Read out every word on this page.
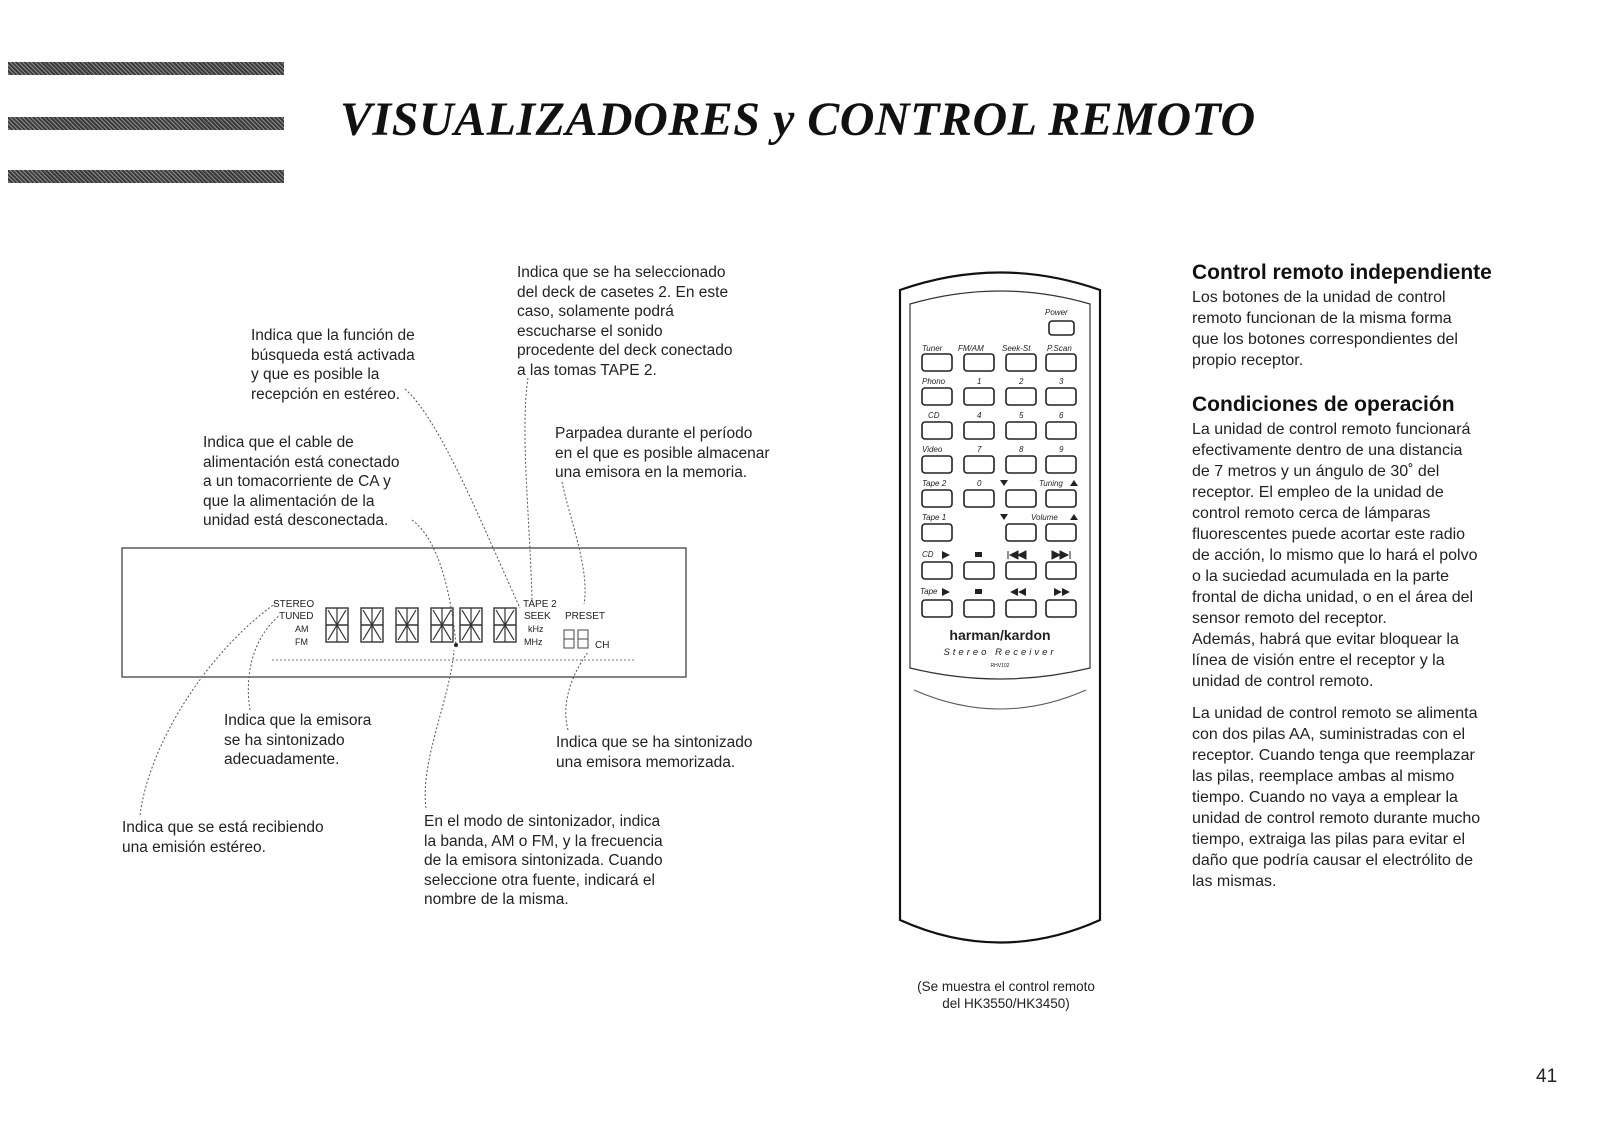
VISUALIZADORES y CONTROL REMOTO

Indica que se ha seleccionado
del deck de casetes 2. En este
caso, solamente podrá
escucharse el sonido
procedente del deck conectado
a las tomas TAPE 2.

Indica que la función de
búsqueda está activada
y que es posible la
recepción en estéreo.

Indica que el cable de
alimentación está conectado
a un tomacorriente de CA y
que la alimentación de la
unidad está desconectada.

Parpadea durante el período
en el que es posible almacenar
una emisora en la memoria.

Indica que la emisora
se ha sintonizado
adecuadamente.

Indica que se ha sintonizado
una emisora memorizada.

Indica que se está recibiendo
una emisión estéreo.

En el modo de sintonizador, indica
la banda, AM o FM, y la frecuencia
de la emisora sintonizada. Cuando
seleccione otra fuente, indicará el
nombre de la misma.

STEREO
TUNED
AM
FM
TAPE 2
SEEK
kHz
MHz
PRESET
CH
Power
Tuner FM/AM Seek-St P.Scan
Phono	1	2	3
CD	4	5	6
Video	7	8	9
Tape 2	0	Tuning
Tape 1	Volume
CD
Tape
harman/kardon
Stereo Receiver
RHV102
(Se muestra el control remoto
del HK3550/HK3450)
Control remoto independiente

Los botones de la unidad de control
remoto funcionan de la misma forma
que los botones correspondientes del
propio receptor.

Condiciones de operación

La unidad de control remoto funcionará
efectivamente dentro de una distancia
de 7 metros y un ángulo de 30˚ del
receptor. El empleo de la unidad de
control remoto cerca de lámparas
fluorescentes puede acortar este radio
de acción, lo mismo que lo hará el polvo
o la suciedad acumulada en la parte
frontal de dicha unidad, o en el área del
sensor remoto del receptor.
Además, habrá que evitar bloquear la
línea de visión entre el receptor y la
unidad de control remoto.

La unidad de control remoto se alimenta
con dos pilas AA, suministradas con el
receptor. Cuando tenga que reemplazar
las pilas, reemplace ambas al mismo
tiempo. Cuando no vaya a emplear la
unidad de control remoto durante mucho
tiempo, extraiga las pilas para evitar el
daño que podría causar el electrólito de
las mismas.

41
